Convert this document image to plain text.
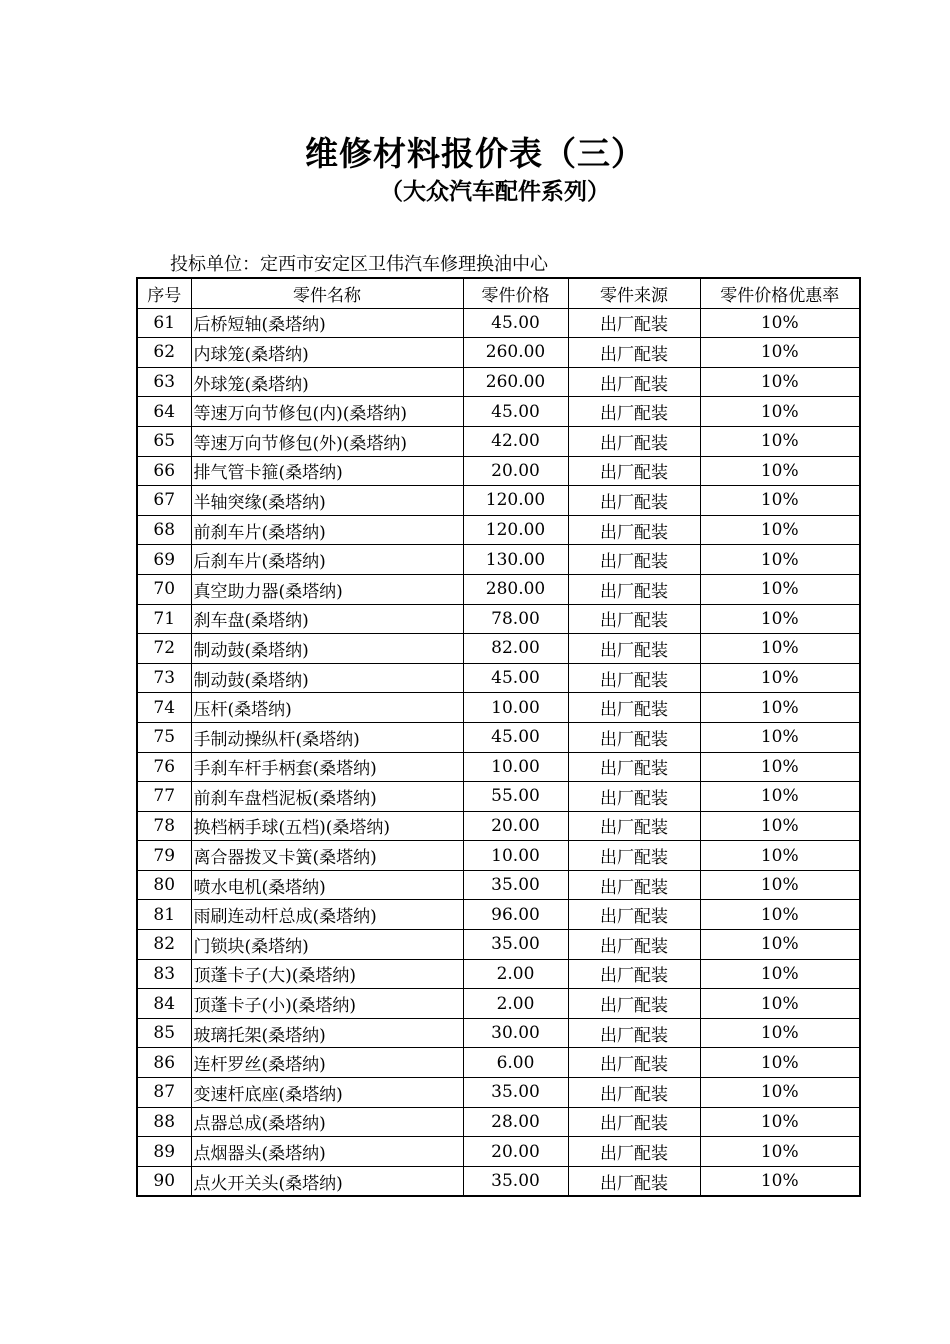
维修材料报价表（三）
（大众汽车配件系列）
投标单位：定西市安定区卫伟汽车修理换油中心
序号	零件名称	零件价格	零件来源	零件价格优惠率
61	后桥短轴(桑塔纳)	45.00	出厂配装	10%
62	内球笼(桑塔纳)	260.00	出厂配装	10%
63	外球笼(桑塔纳)	260.00	出厂配装	10%
64	等速万向节修包(内)(桑塔纳)	45.00	出厂配装	10%
65	等速万向节修包(外)(桑塔纳)	42.00	出厂配装	10%
66	排气管卡箍(桑塔纳)	20.00	出厂配装	10%
67	半轴突缘(桑塔纳)	120.00	出厂配装	10%
68	前刹车片(桑塔纳)	120.00	出厂配装	10%
69	后刹车片(桑塔纳)	130.00	出厂配装	10%
70	真空助力器(桑塔纳)	280.00	出厂配装	10%
71	刹车盘(桑塔纳)	78.00	出厂配装	10%
72	制动鼓(桑塔纳)	82.00	出厂配装	10%
73	制动鼓(桑塔纳)	45.00	出厂配装	10%
74	压杆(桑塔纳)	10.00	出厂配装	10%
75	手制动操纵杆(桑塔纳)	45.00	出厂配装	10%
76	手刹车杆手柄套(桑塔纳)	10.00	出厂配装	10%
77	前刹车盘档泥板(桑塔纳)	55.00	出厂配装	10%
78	换档柄手球(五档)(桑塔纳)	20.00	出厂配装	10%
79	离合器拨叉卡簧(桑塔纳)	10.00	出厂配装	10%
80	喷水电机(桑塔纳)	35.00	出厂配装	10%
81	雨刷连动杆总成(桑塔纳)	96.00	出厂配装	10%
82	门锁块(桑塔纳)	35.00	出厂配装	10%
83	顶蓬卡子(大)(桑塔纳)	2.00	出厂配装	10%
84	顶蓬卡子(小)(桑塔纳)	2.00	出厂配装	10%
85	玻璃托架(桑塔纳)	30.00	出厂配装	10%
86	连杆罗丝(桑塔纳)	6.00	出厂配装	10%
87	变速杆底座(桑塔纳)	35.00	出厂配装	10%
88	点器总成(桑塔纳)	28.00	出厂配装	10%
89	点烟器头(桑塔纳)	20.00	出厂配装	10%
90	点火开关头(桑塔纳)	35.00	出厂配装	10%
